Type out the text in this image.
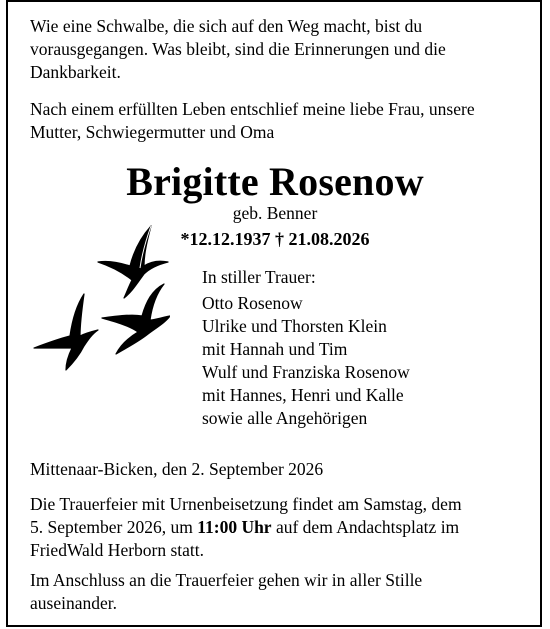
Wie eine Schwalbe, die sich auf den Weg macht, bist du
vorausgegangen. Was bleibt, sind die Erinnerungen und die
Dankbarkeit.
Nach einem erfüllten Leben entschlief meine liebe Frau, unsere
Mutter, Schwiegermutter und Oma
Brigitte Rosenow
geb. Benner
*12.12.1937 † 21.08.2026
In stiller Trauer:
Otto Rosenow
Ulrike und Thorsten Klein
mit Hannah und Tim
Wulf und Franziska Rosenow
mit Hannes, Henri und Kalle
sowie alle Angehörigen
Mittenaar-Bicken, den 2. September 2026
Die Trauerfeier mit Urnenbeisetzung findet am Samstag, dem
5. September 2026, um 11:00 Uhr auf dem Andachtsplatz im
FriedWald Herborn statt.
Im Anschluss an die Trauerfeier gehen wir in aller Stille
auseinander.
